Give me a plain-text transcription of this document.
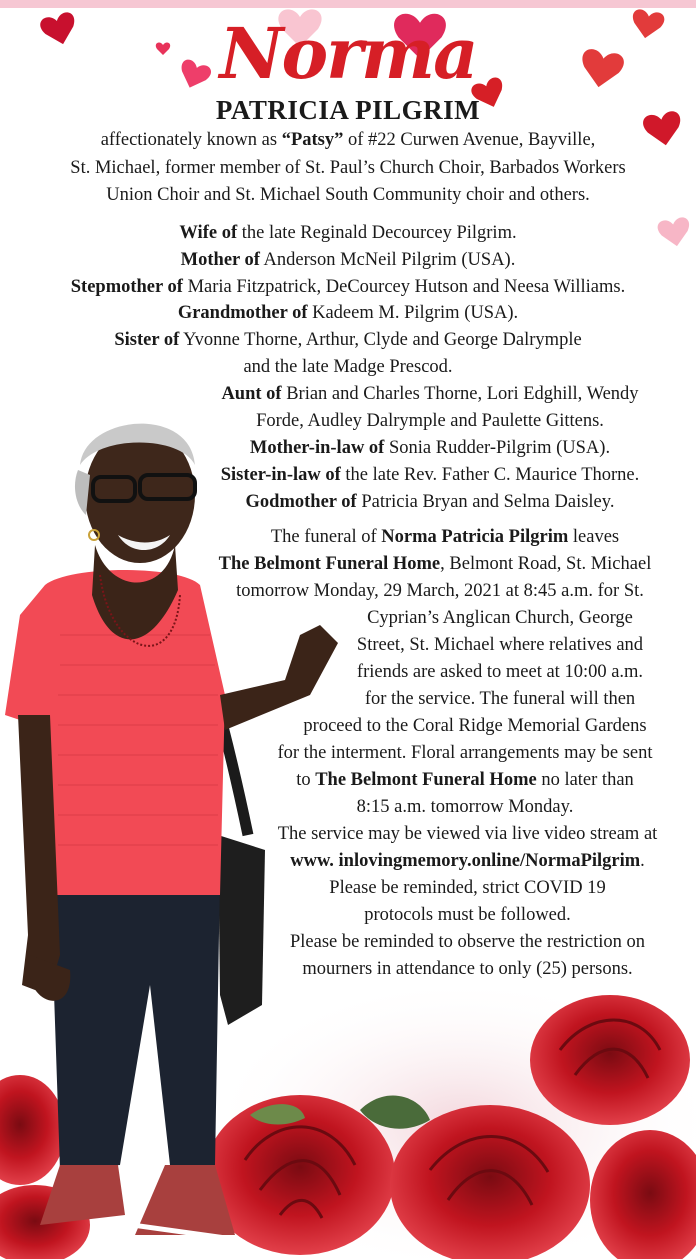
Norma
PATRICIA PILGRIM
affectionately known as “Patsy” of #22 Curwen Avenue, Bayville,
St. Michael, former member of St. Paul’s Church Choir, Barbados Workers
Union Choir and St. Michael South Community choir and others.
Wife of the late Reginald Decourcey Pilgrim.
Mother of Anderson McNeil Pilgrim (USA).
Stepmother of Maria Fitzpatrick, DeCourcey Hutson and Neesa Williams.
Grandmother of Kadeem M. Pilgrim (USA).
Sister of Yvonne Thorne, Arthur, Clyde and George Dalrymple
and the late Madge Prescod.
Aunt of Brian and Charles Thorne, Lori Edghill, Wendy
Forde, Audley Dalrymple and Paulette Gittens.
Mother-in-law of Sonia Rudder-Pilgrim (USA).
Sister-in-law of the late Rev. Father C. Maurice Thorne.
Godmother of Patricia Bryan and Selma Daisley.
The funeral of Norma Patricia Pilgrim leaves
The Belmont Funeral Home, Belmont Road, St. Michael
tomorrow Monday, 29 March, 2021 at 8:45 a.m. for St.
Cyprian’s Anglican Church, George
Street, St. Michael where relatives and
friends are asked to meet at 10:00 a.m.
for the service. The funeral will then
proceed to the Coral Ridge Memorial Gardens
for the interment. Floral arrangements may be sent
to The Belmont Funeral Home no later than
8:15 a.m. tomorrow Monday.
The service may be viewed via live video stream at
www. inlovingmemory.online/NormaPilgrim.
Please be reminded, strict COVID 19
protocols must be followed.
Please be reminded to observe the restriction on
mourners in attendance to only (25) persons.
